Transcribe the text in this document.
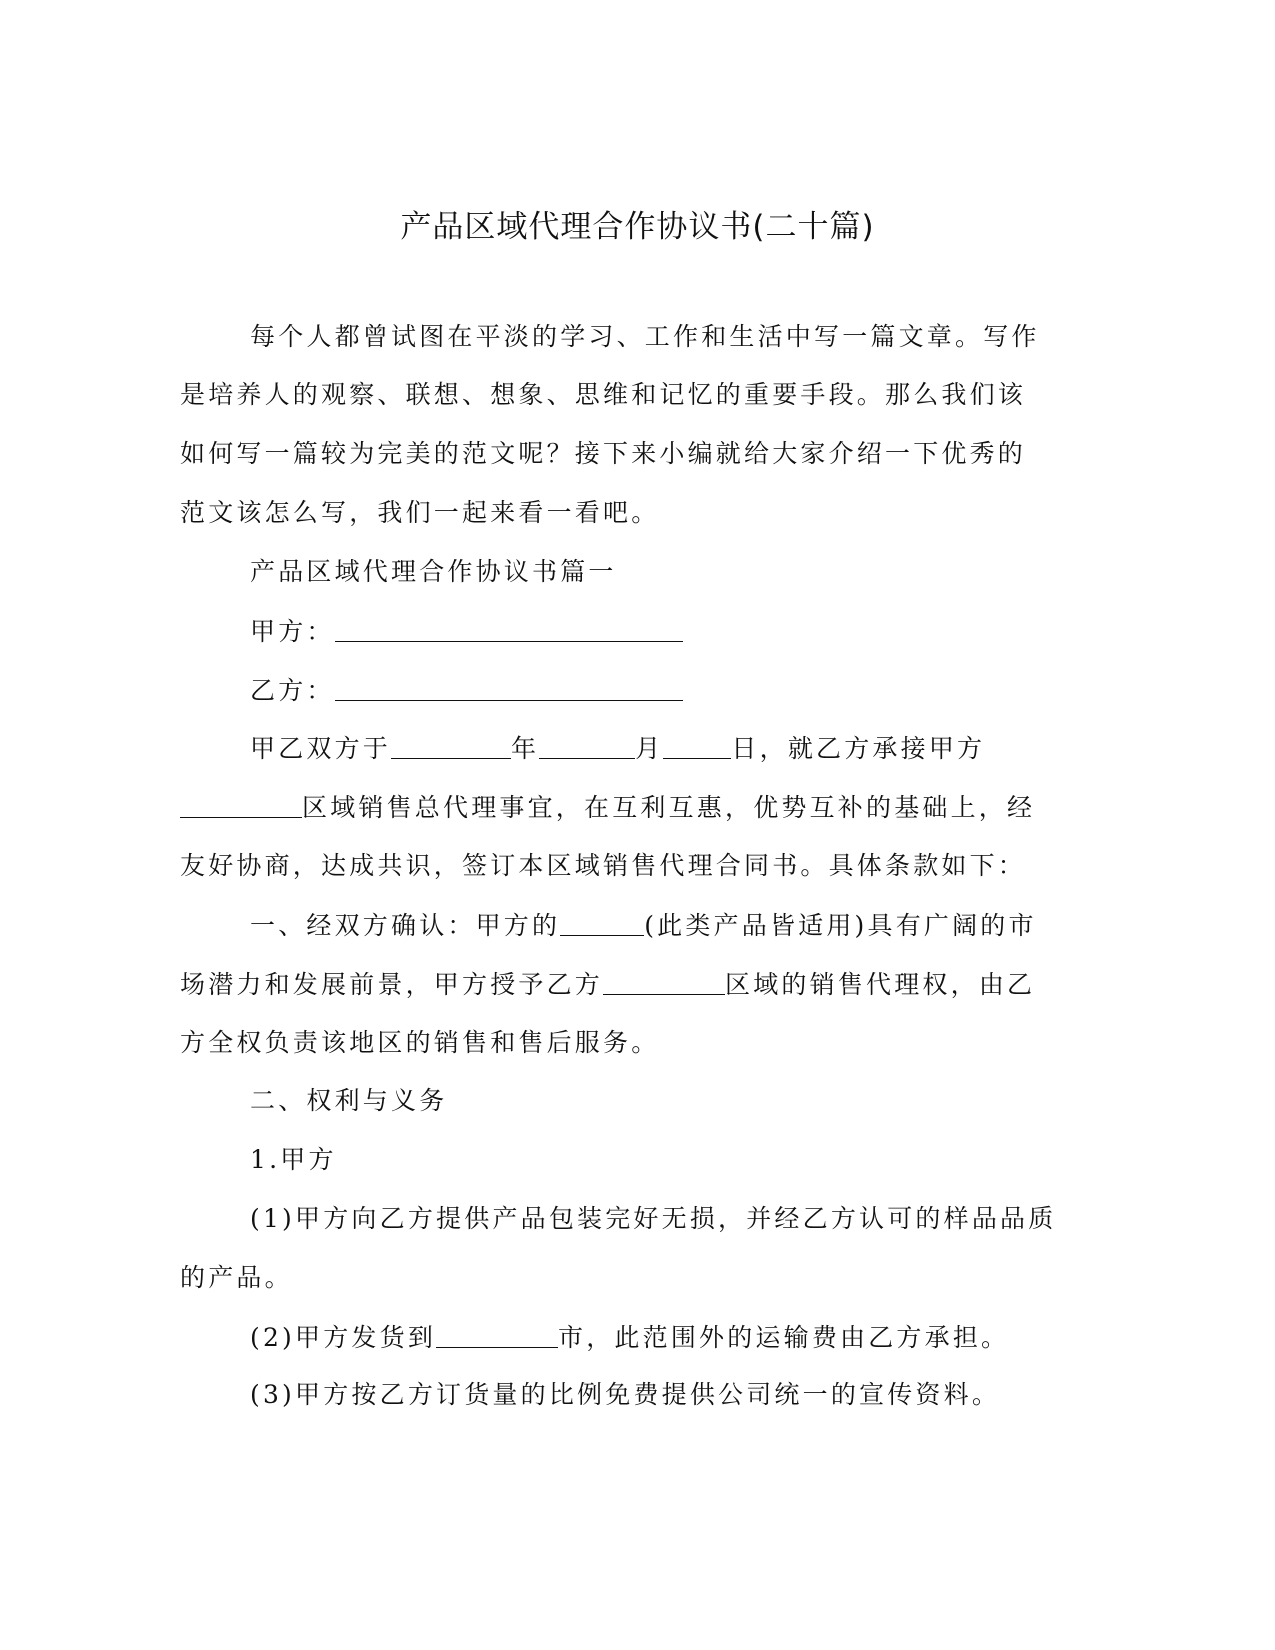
产品区域代理合作协议书(二十篇)
每个人都曾试图在平淡的学习、工作和生活中写一篇文章。写作
是培养人的观察、联想、想象、思维和记忆的重要手段。那么我们该
如何写一篇较为完美的范文呢？接下来小编就给大家介绍一下优秀的
范文该怎么写，我们一起来看一看吧。
产品区域代理合作协议书篇一
甲方：
乙方：
甲乙双方于	年	月	日，就乙方承接甲方
区域销售总代理事宜，在互利互惠，优势互补的基础上，经
友好协商，达成共识，签订本区域销售代理合同书。具体条款如下：
一、经双方确认：甲方的	(此类产品皆适用)具有广阔的市
场潜力和发展前景，甲方授予乙方	区域的销售代理权，由乙
方全权负责该地区的销售和售后服务。
二、权利与义务
1.甲方
(1)甲方向乙方提供产品包装完好无损，并经乙方认可的样品品质
的产品。
(2)甲方发货到	市，此范围外的运输费由乙方承担。
(3)甲方按乙方订货量的比例免费提供公司统一的宣传资料。
